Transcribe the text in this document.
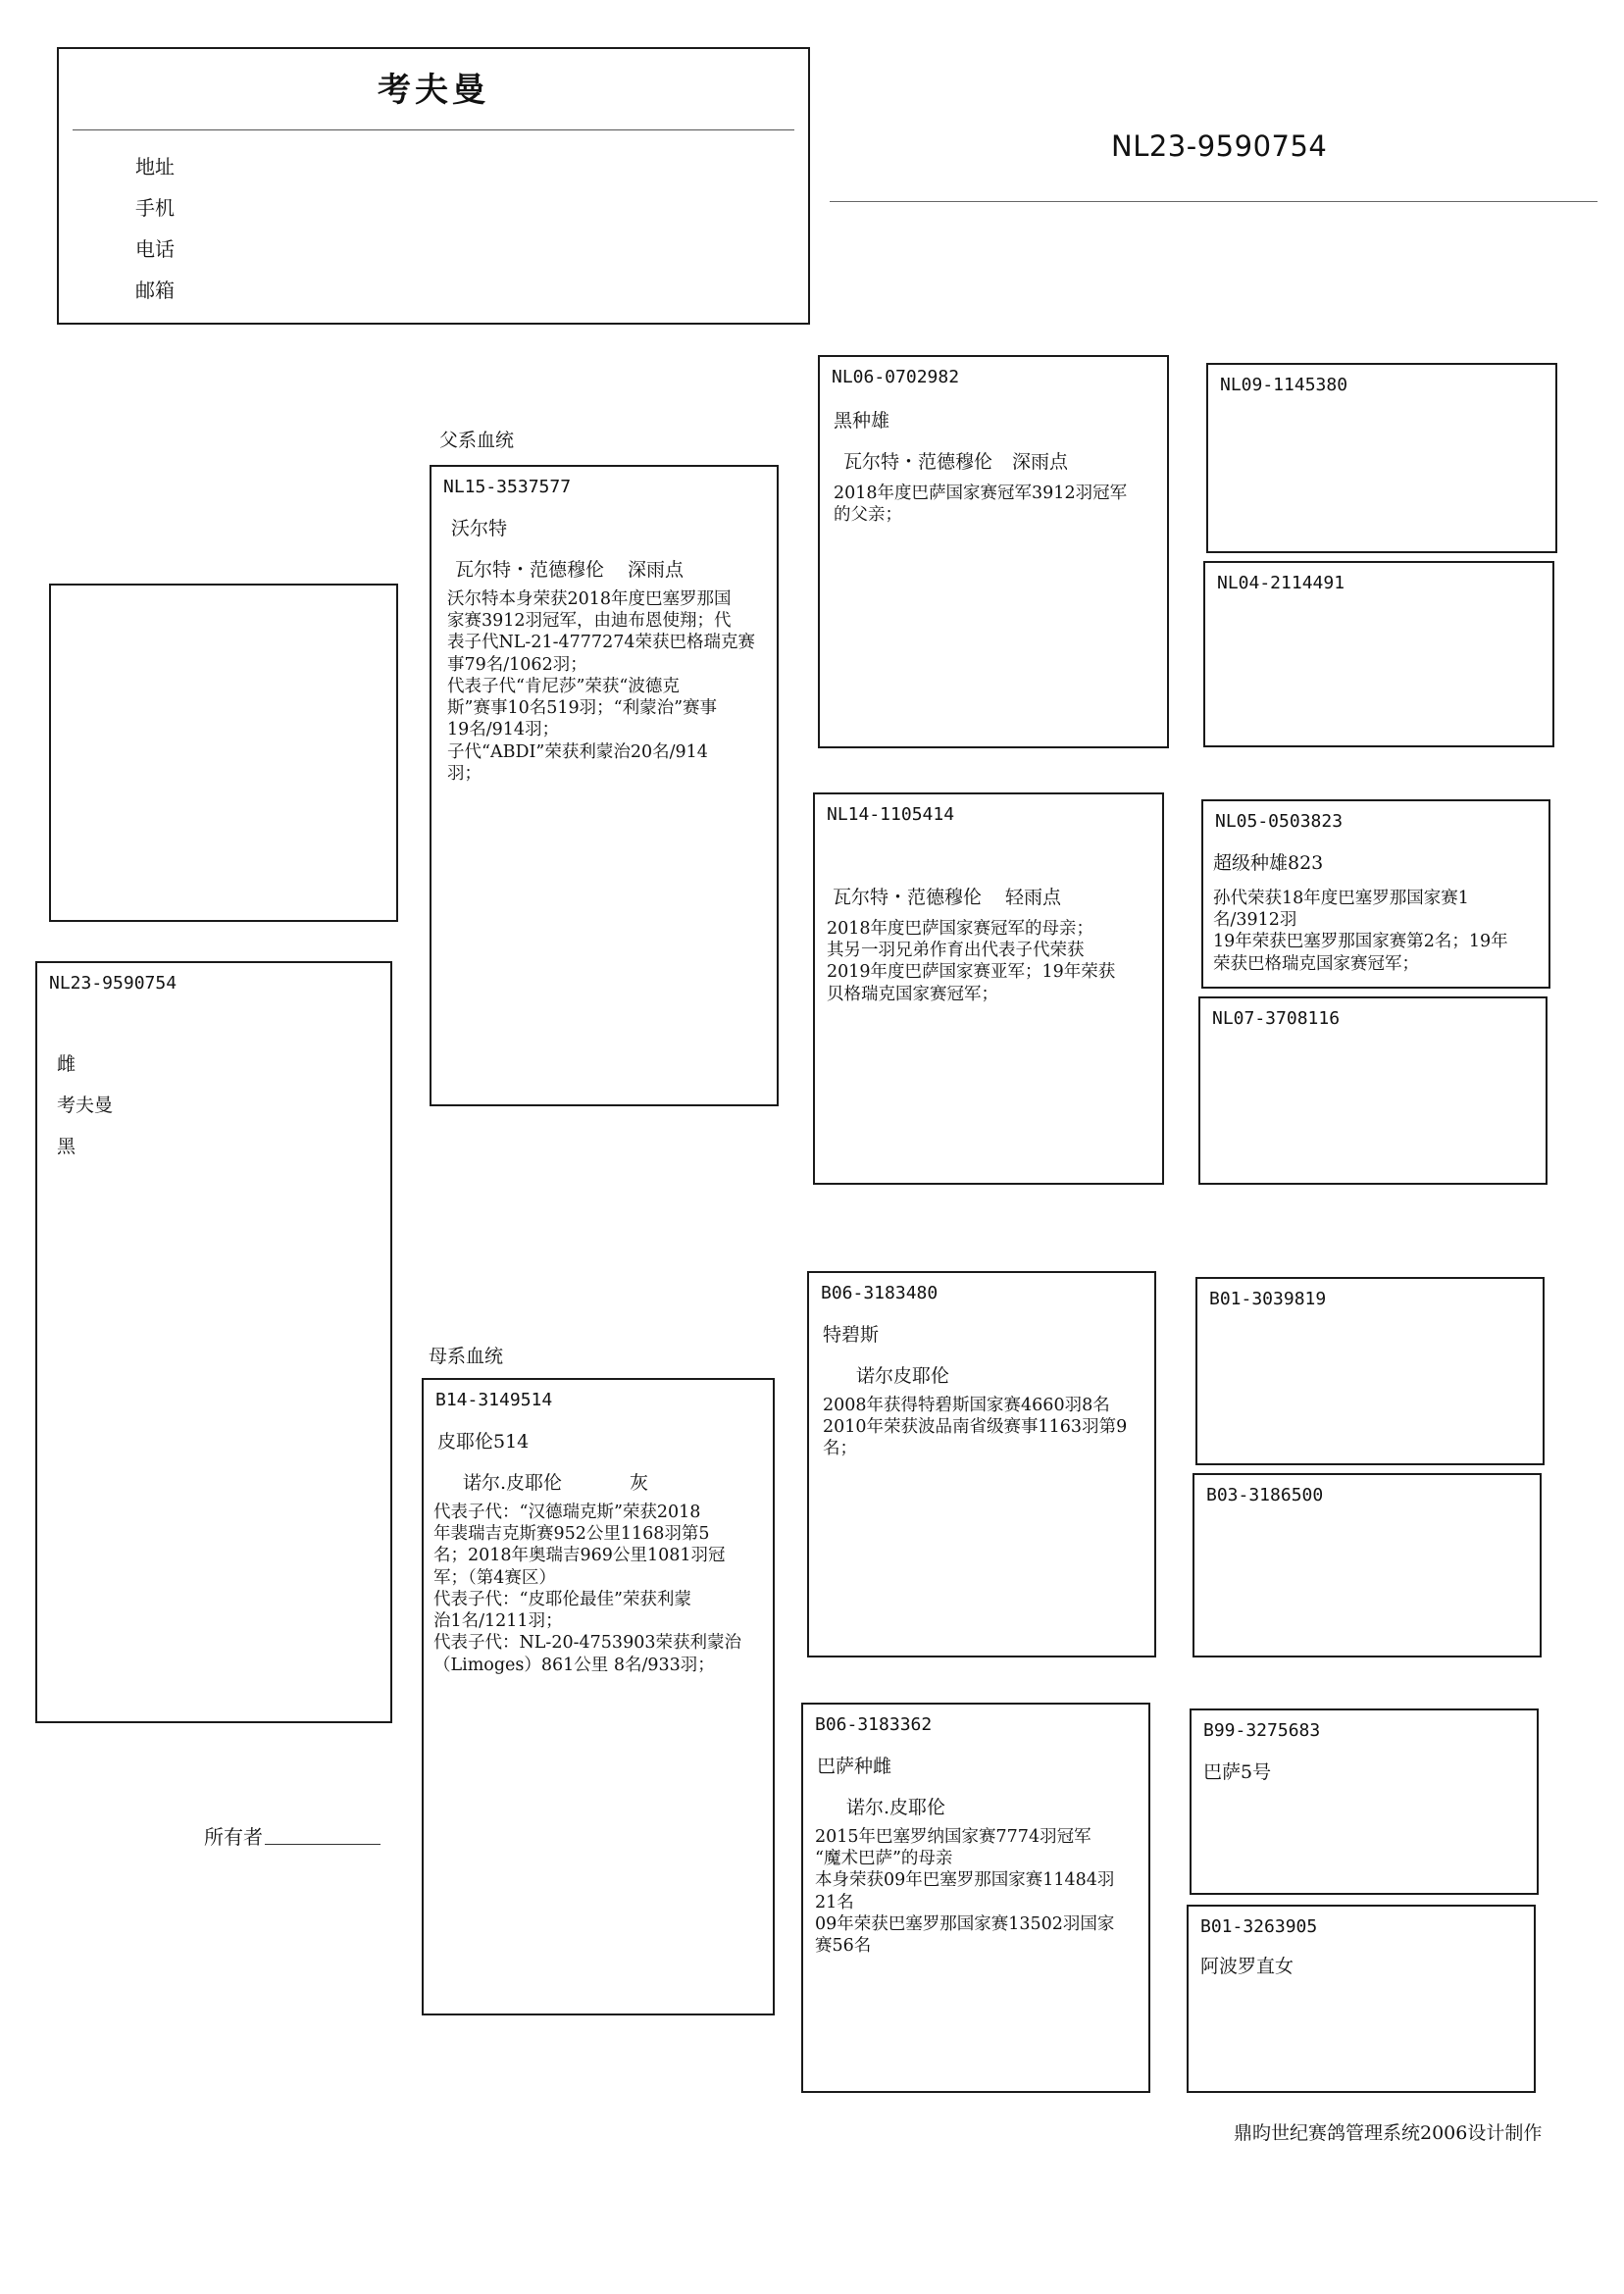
考夫曼
地址
手机
电话
邮箱
NL23-9590754
NL23-9590754
雌
考夫曼
黑
父系血统
母系血统
NL15-3537577
沃尔特
瓦尔特・范德穆伦 深雨点
沃尔特本身荣获2018年度巴塞罗那国
家赛3912羽冠军，由迪布恩使翔；代
表子代NL-21-4777274荣获巴格瑞克赛
事79名/1062羽；
代表子代“肯尼莎”荣获“波德克
斯”赛事10名519羽；“利蒙治”赛事
19名/914羽；
子代“ABDI”荣获利蒙治20名/914
羽；
B14-3149514
皮耶伦514
诺尔.皮耶伦	灰
代表子代：“汉德瑞克斯”荣获2018
年裴瑞吉克斯赛952公里1168羽第5
名；2018年奥瑞吉969公里1081羽冠
军；（第4赛区）
代表子代：“皮耶伦最佳”荣获利蒙
治1名/1211羽；
代表子代：NL-20-4753903荣获利蒙治
（Limoges）861公里 8名/933羽；
NL06-0702982
黑种雄
瓦尔特・范德穆伦 深雨点
2018年度巴萨国家赛冠军3912羽冠军
的父亲；
NL14-1105414
瓦尔特・范德穆伦 轻雨点
2018年度巴萨国家赛冠军的母亲；
其另一羽兄弟作育出代表子代荣获
2019年度巴萨国家赛亚军；19年荣获
贝格瑞克国家赛冠军；
B06-3183480
特碧斯
诺尔皮耶伦
2008年获得特碧斯国家赛4660羽8名
2010年荣获波品南省级赛事1163羽第9
名；
B06-3183362
巴萨种雌
诺尔.皮耶伦
2015年巴塞罗纳国家赛7774羽冠军
“魔术巴萨”的母亲
本身荣获09年巴塞罗那国家赛11484羽
21名
09年荣获巴塞罗那国家赛13502羽国家
赛56名
NL09-1145380
NL04-2114491
NL05-0503823
超级种雄823
孙代荣获18年度巴塞罗那国家赛1
名/3912羽
19年荣获巴塞罗那国家赛第2名；19年
荣获巴格瑞克国家赛冠军；
NL07-3708116
B01-3039819
B03-3186500
B99-3275683
巴萨5号
B01-3263905
阿波罗直女
所有者
鼎昀世纪赛鸽管理系统2006设计制作
